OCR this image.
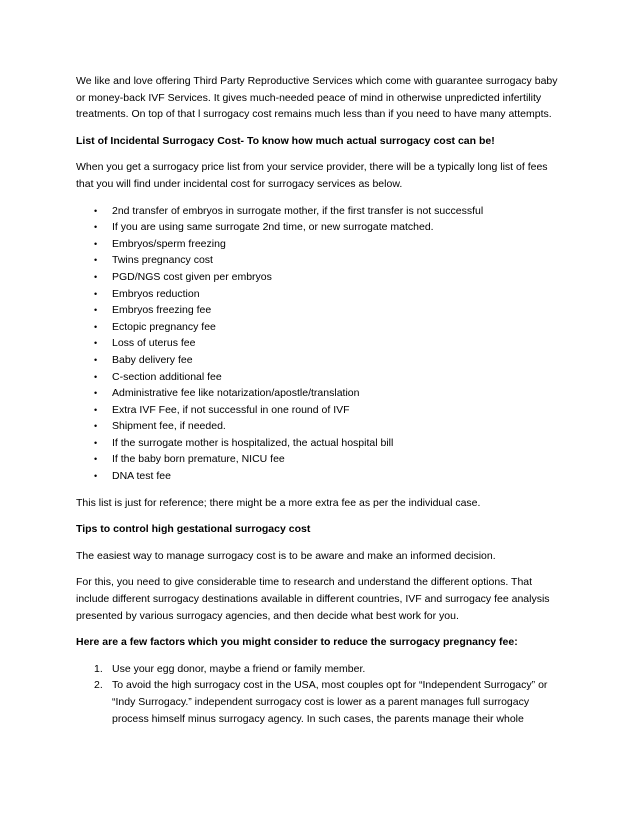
We like and love offering Third Party Reproductive Services which come with guarantee surrogacy baby or money-back IVF Services. It gives much-needed peace of mind in otherwise unpredicted infertility treatments. On top of that l surrogacy cost remains much less than if you need to have many attempts.

List of Incidental Surrogacy Cost- To know how much actual surrogacy cost can be!

When you get a surrogacy price list from your service provider, there will be a typically long list of fees that you will find under incidental cost for surrogacy services as below.

• 2nd transfer of embryos in surrogate mother, if the first transfer is not successful
• If you are using same surrogate 2nd time, or new surrogate matched.
• Embryos/sperm freezing
• Twins pregnancy cost
• PGD/NGS cost given per embryos
• Embryos reduction
• Embryos freezing fee
• Ectopic pregnancy fee
• Loss of uterus fee
• Baby delivery fee
• C-section additional fee
• Administrative fee like notarization/apostle/translation
• Extra IVF Fee, if not successful in one round of IVF
• Shipment fee, if needed.
• If the surrogate mother is hospitalized, the actual hospital bill
• If the baby born premature, NICU fee
• DNA test fee

This list is just for reference; there might be a more extra fee as per the individual case.

Tips to control high gestational surrogacy cost

The easiest way to manage surrogacy cost is to be aware and make an informed decision.

For this, you need to give considerable time to research and understand the different options. That include different surrogacy destinations available in different countries, IVF and surrogacy fee analysis presented by various surrogacy agencies, and then decide what best work for you.

Here are a few factors which you might consider to reduce the surrogacy pregnancy fee:

1. Use your egg donor, maybe a friend or family member.
2. To avoid the high surrogacy cost in the USA, most couples opt for “Independent Surrogacy” or “Indy Surrogacy.” independent surrogacy cost is lower as a parent manages full surrogacy process himself minus surrogacy agency. In such cases, the parents manage their whole
